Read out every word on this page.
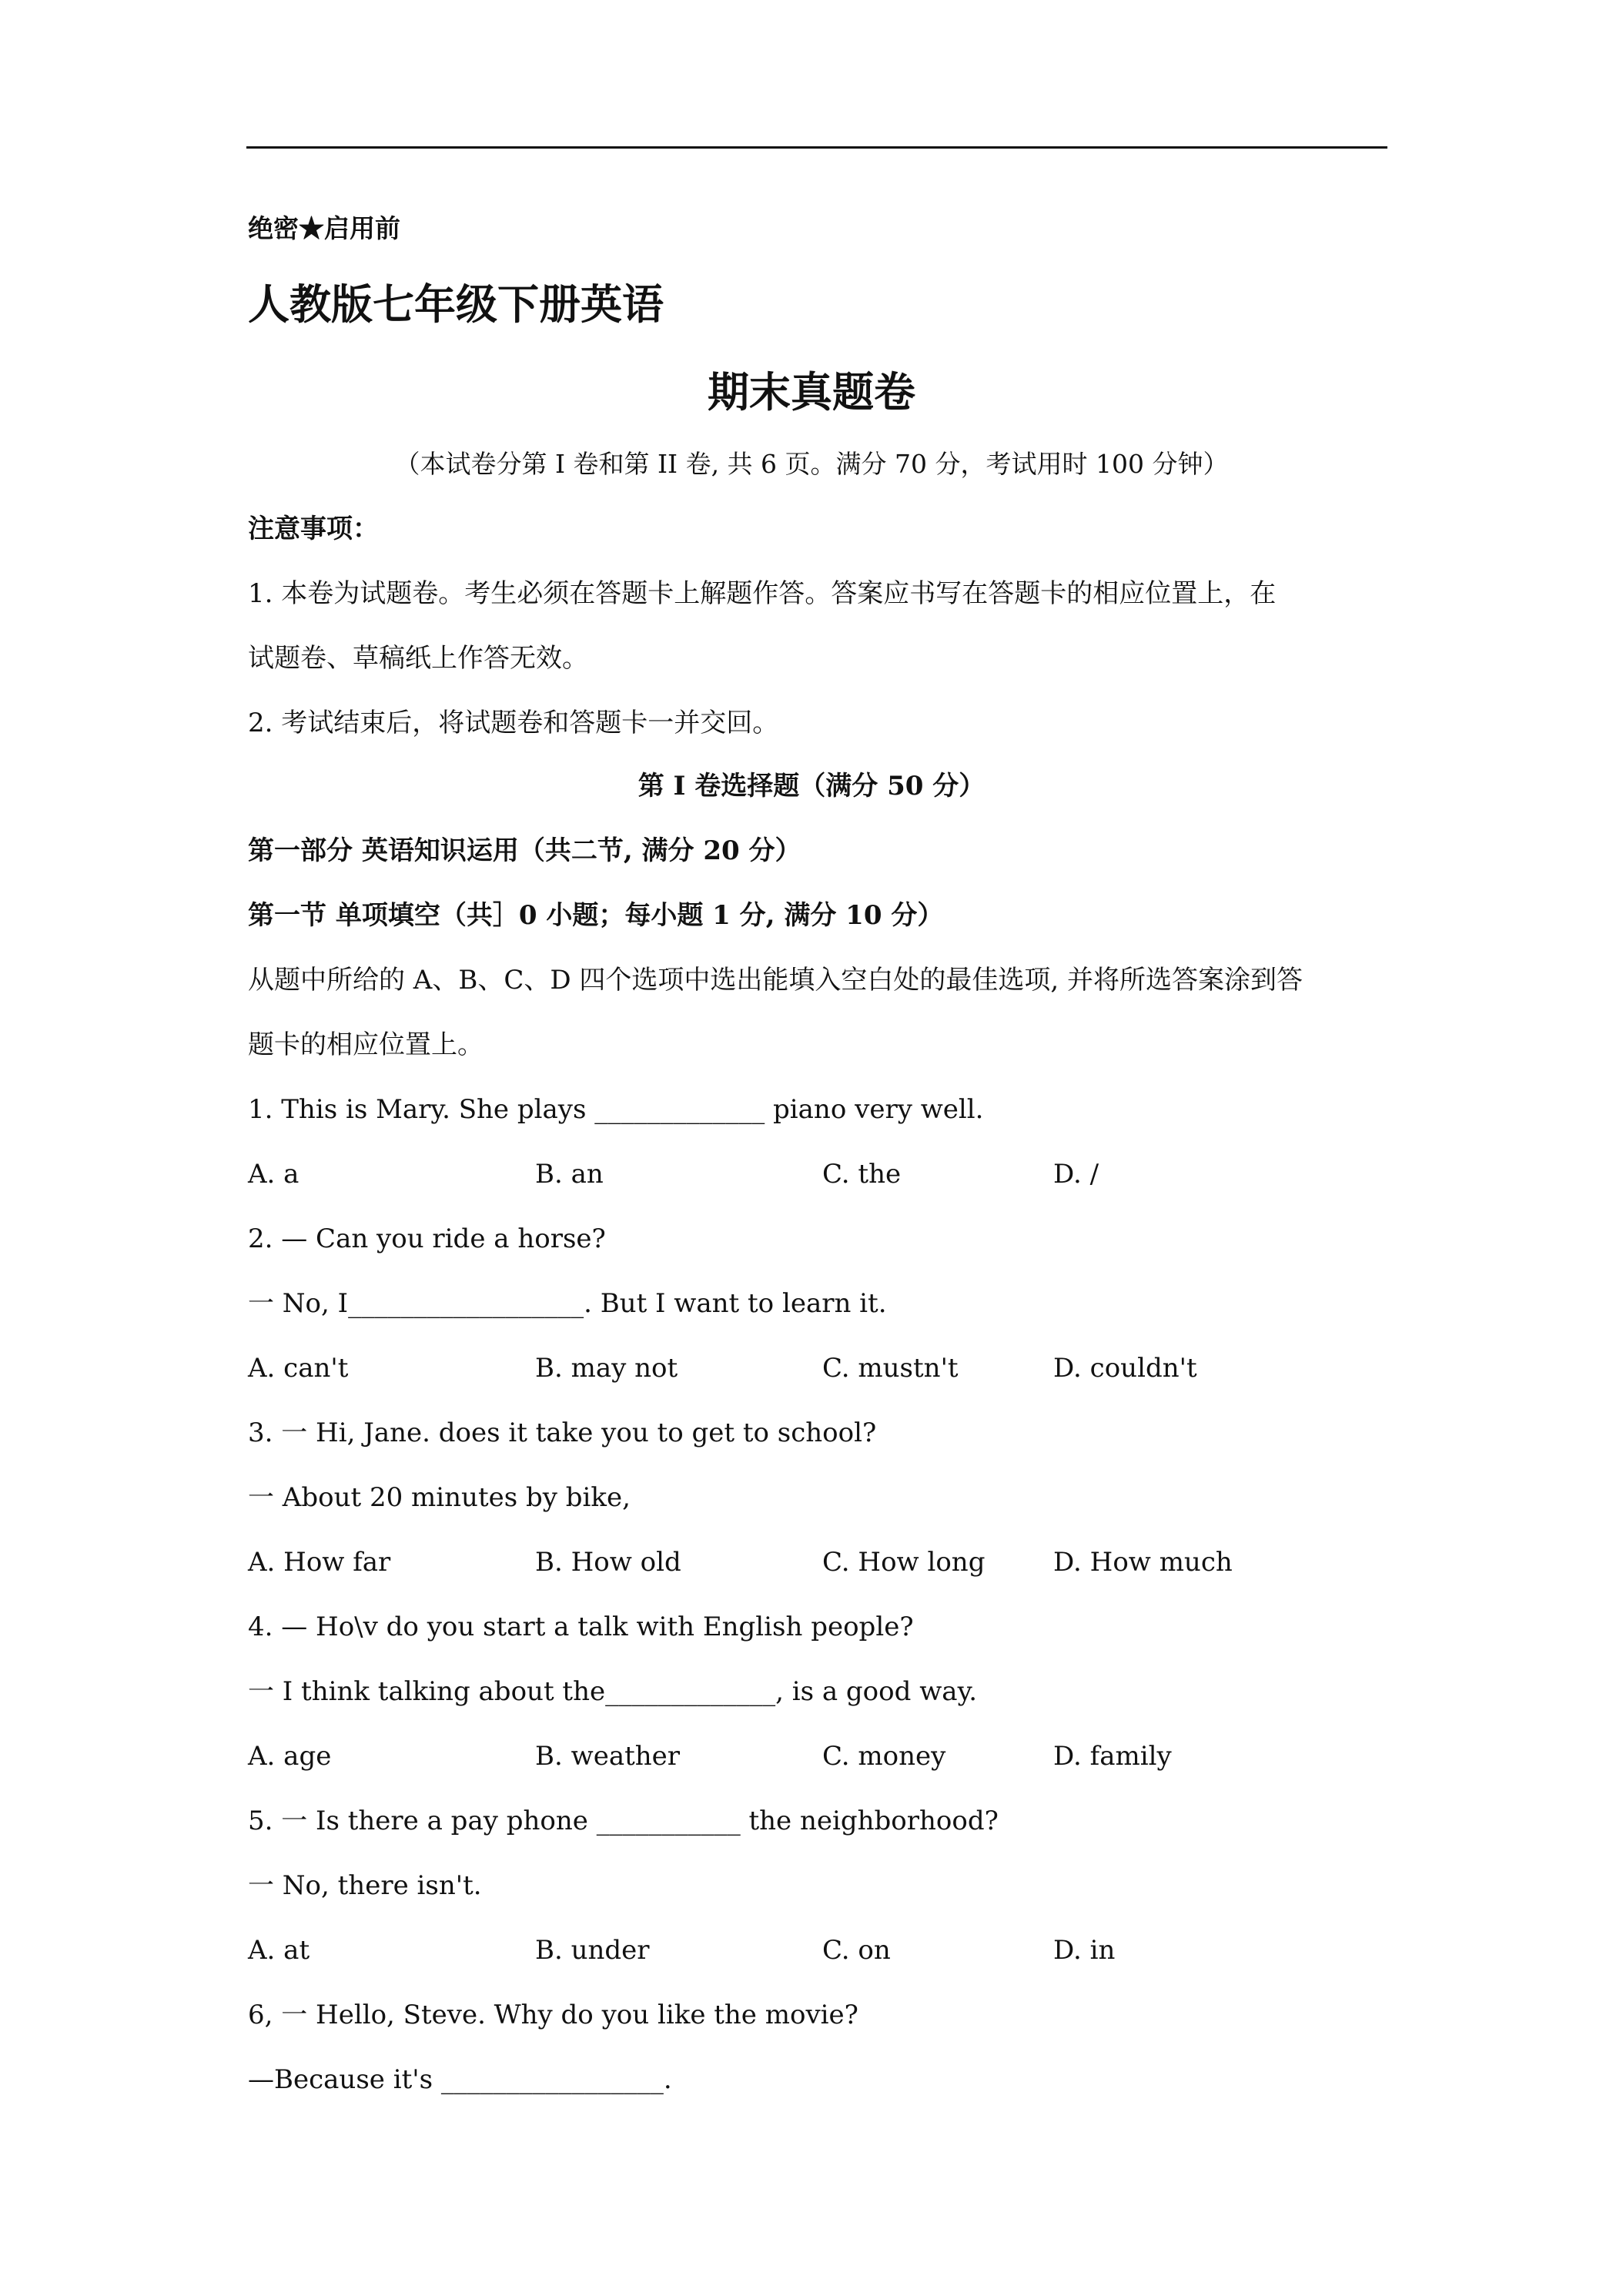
绝密★启用前
人教版七年级下册英语
期末真题卷
（本试卷分第 I 卷和第 II 卷, 共 6 页。满分 70 分，考试用时 100 分钟）
注意事项：
1. 本卷为试题卷。考生必须在答题卡上解题作答。答案应书写在答题卡的相应位置上，在
试题卷、草稿纸上作答无效。
2. 考试结束后，将试题卷和答题卡一并交回。
第 I 卷选择题（满分 50 分）
第一部分 英语知识运用（共二节, 满分 20 分）
第一节 单项填空（共］0 小题；每小题 1 分, 满分 10 分）
从题中所给的 A、B、C、D 四个选项中选出能填入空白处的最佳选项, 并将所选答案涂到答
题卡的相应位置上。
1. This is Mary. She plays _____________ piano very well.
A. a	B. an	C. the	D. /
2. — Can you ride a horse?
一 No, I__________________. But I want to learn it.
A. can't	B. may not	C. mustn't	D. couldn't
3. 一 Hi, Jane. does it take you to get to school?
一 About 20 minutes by bike,
A. How far	B. How old	C. How long	D. How much
4. — Ho\v do you start a talk with English people?
一 I think talking about the_____________, is a good way.
A. age	B. weather	C. money	D. family
5. 一 Is there a pay phone ___________ the neighborhood?
一 No, there isn't.
A. at	B. under	C. on	D. in
6, 一 Hello, Steve. Why do you like the movie?
—Because it's _________________.
